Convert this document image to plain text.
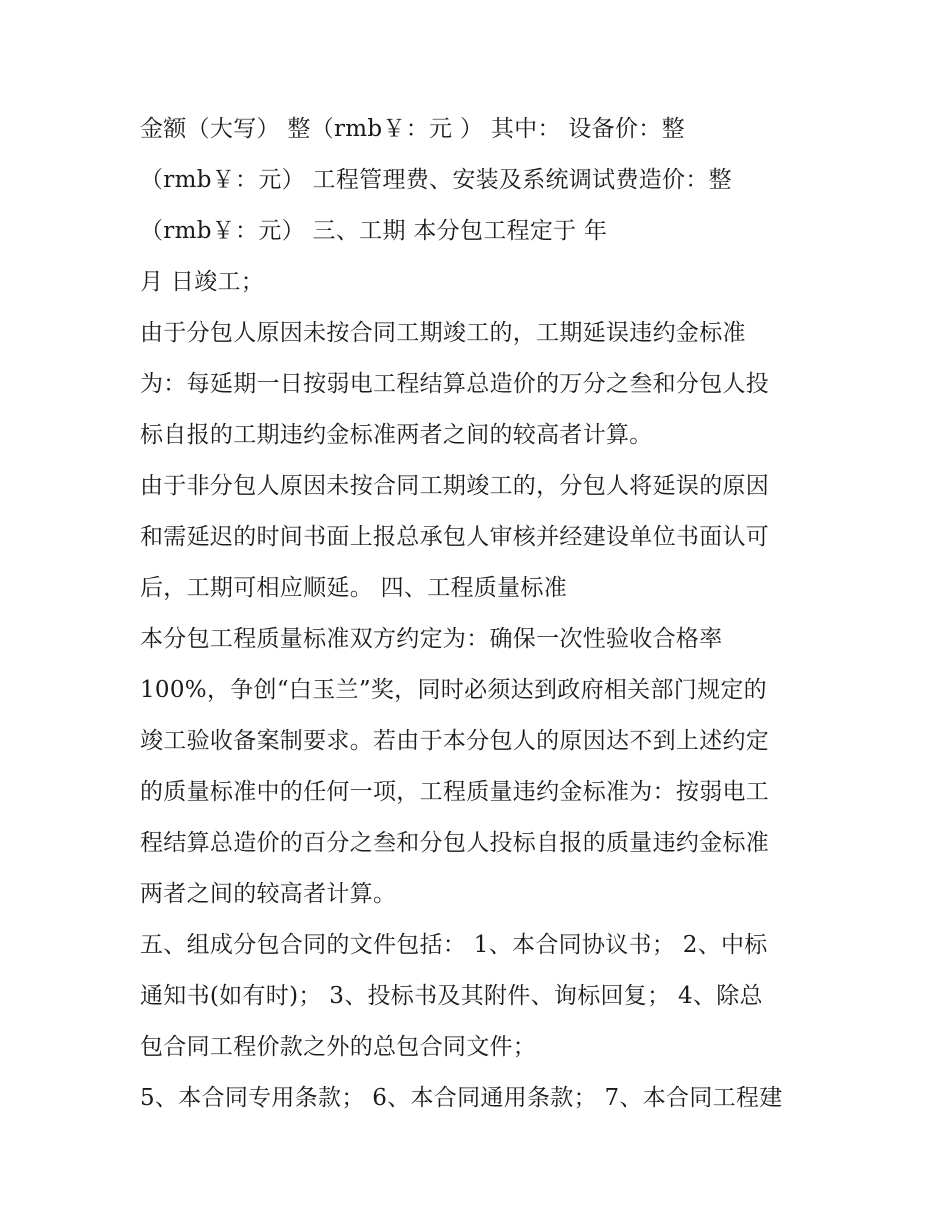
金额（大写） 整（rmb￥：元 ） 其中： 设备价：整
（rmb￥：元） 工程管理费、安装及系统调试费造价：整
（rmb￥：元） 三、工期 本分包工程定于 年
月 日竣工；
由于分包人原因未按合同工期竣工的，工期延误违约金标准
为：每延期一日按弱电工程结算总造价的万分之叁和分包人投
标自报的工期违约金标准两者之间的较高者计算。
由于非分包人原因未按合同工期竣工的，分包人将延误的原因
和需延迟的时间书面上报总承包人审核并经建设单位书面认可
后，工期可相应顺延。 四、工程质量标准
本分包工程质量标准双方约定为：确保一次性验收合格率
100%，争创“白玉兰”奖，同时必须达到政府相关部门规定的
竣工验收备案制要求。若由于本分包人的原因达不到上述约定
的质量标准中的任何一项，工程质量违约金标准为：按弱电工
程结算总造价的百分之叁和分包人投标自报的质量违约金标准
两者之间的较高者计算。
五、组成分包合同的文件包括： 1、本合同协议书； 2、中标
通知书(如有时)； 3、投标书及其附件、询标回复； 4、除总
包合同工程价款之外的总包合同文件；
5、本合同专用条款； 6、本合同通用条款； 7、本合同工程建
